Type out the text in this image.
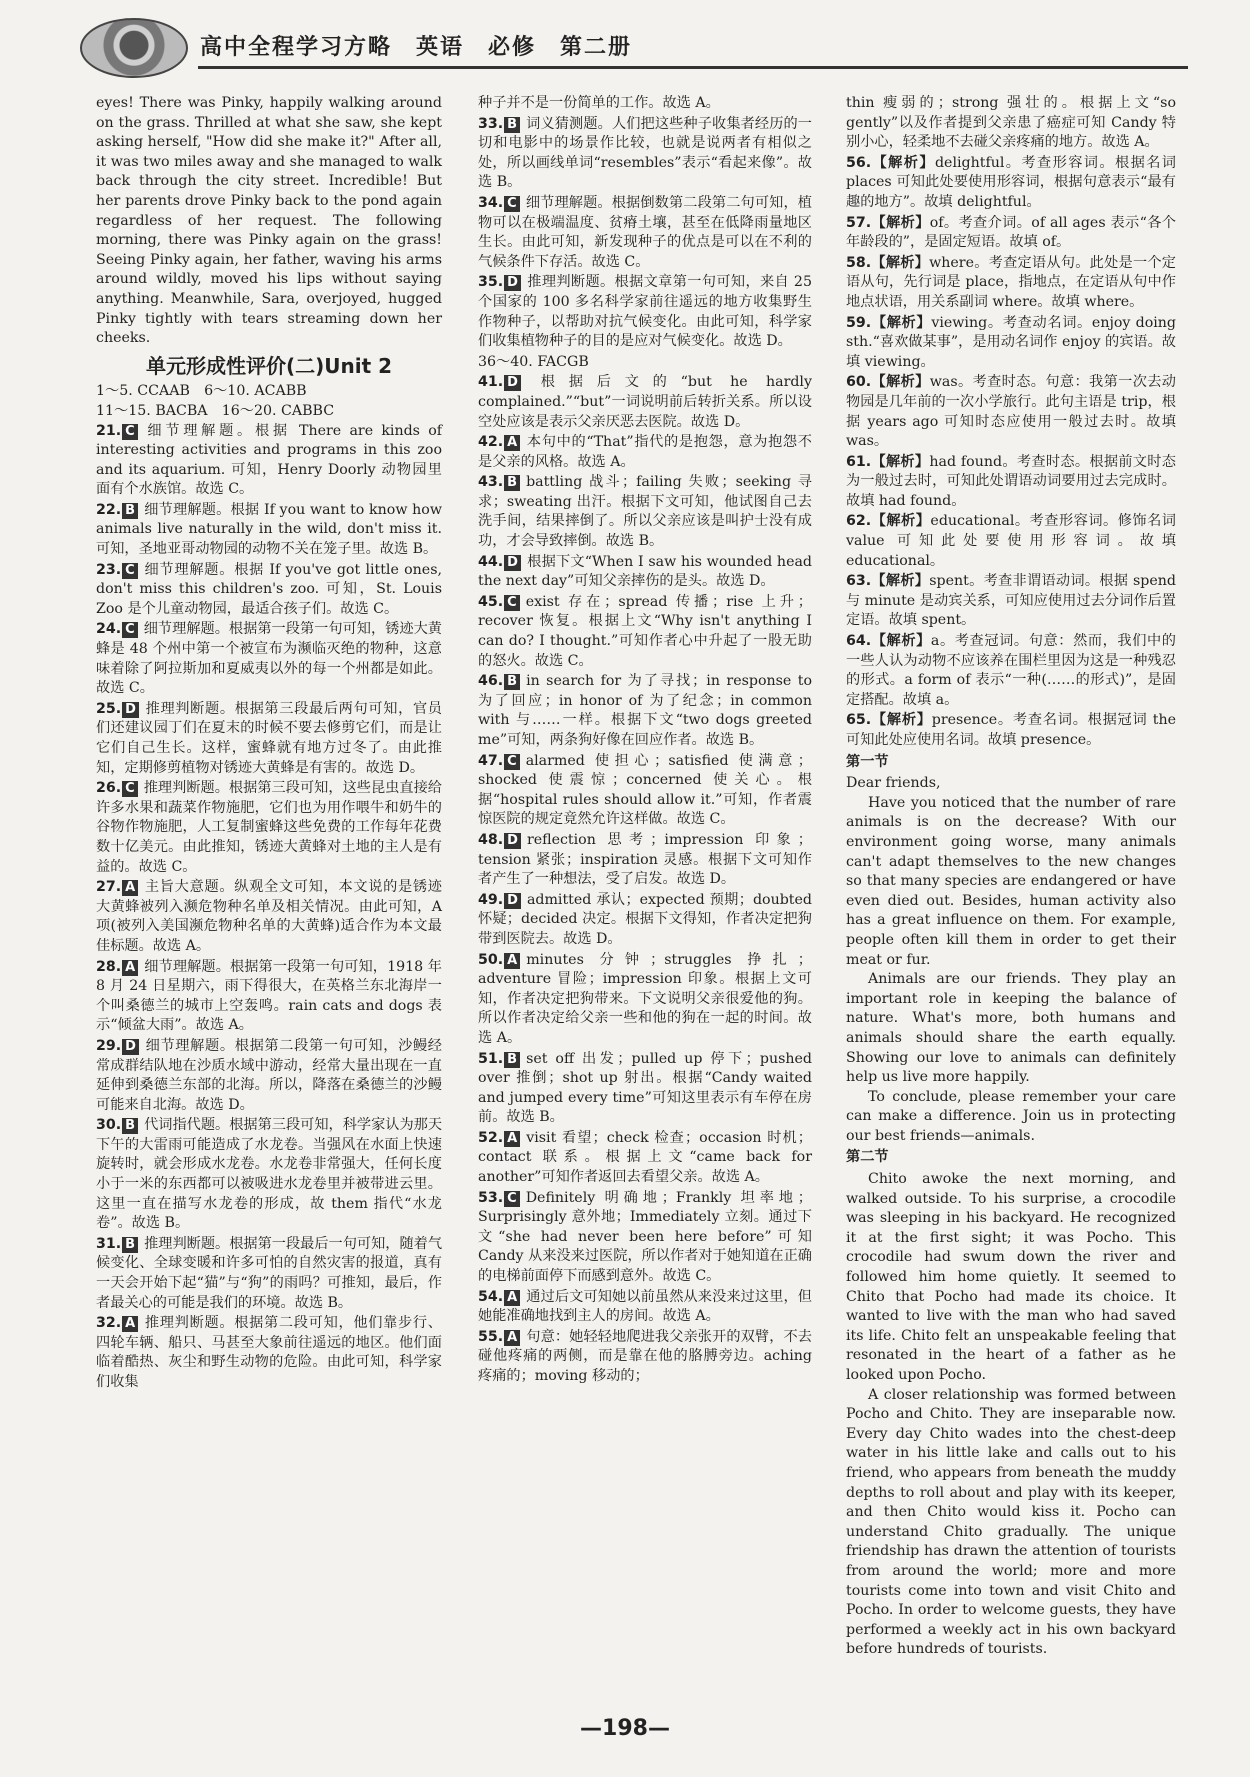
高中全程学习方略　英语　必修　第二册

eyes! There was Pinky, happily walking around on the grass. Thrilled at what she saw, she kept asking herself, "How did she make it?" After all, it was two miles away and she managed to walk back through the city street. Incredible! But her parents drove Pinky back to the pond again regardless of her request. The following morning, there was Pinky again on the grass! Seeing Pinky again, her father, waving his arms around wildly, moved his lips without saying anything. Meanwhile, Sara, overjoyed, hugged Pinky tightly with tears streaming down her cheeks.

单元形成性评价(二)Unit 2

1～5. CCAAB　6～10. ACABB

11～15. BACBA　16～20. CABBC

21. C 细节理解题。根据 There are kinds of interesting activities and programs in this zoo and its aquarium. 可知，Henry Doorly 动物园里面有个水族馆。故选 C。

22. B 细节理解题。根据 If you want to know how animals live naturally in the wild, don't miss it. 可知，圣地亚哥动物园的动物不关在笼子里。故选 B。

23. C 细节理解题。根据 If you've got little ones, don't miss this children's zoo. 可知，St. Louis Zoo 是个儿童动物园，最适合孩子们。故选 C。

24. C 细节理解题。根据第一段第一句可知，锈迹大黄蜂是 48 个州中第一个被宣布为濒临灭绝的物种，这意味着除了阿拉斯加和夏威夷以外的每一个州都是如此。故选 C。

25. D 推理判断题。根据第三段最后两句可知，官员们还建议园丁们在夏末的时候不要去修剪它们，而是让它们自己生长。这样，蜜蜂就有地方过冬了。由此推知，定期修剪植物对锈迹大黄蜂是有害的。故选 D。

26. C 推理判断题。根据第三段可知，这些昆虫直接给许多水果和蔬菜作物施肥，它们也为用作喂牛和奶牛的谷物作物施肥，人工复制蜜蜂这些免费的工作每年花费数十亿美元。由此推知，锈迹大黄蜂对土地的主人是有益的。故选 C。

27. A 主旨大意题。纵观全文可知，本文说的是锈迹大黄蜂被列入濒危物种名单及相关情况。由此可知，A 项(被列入美国濒危物种名单的大黄蜂)适合作为本文最佳标题。故选 A。

28. A 细节理解题。根据第一段第一句可知，1918 年 8 月 24 日星期六，雨下得很大，在英格兰东北海岸一个叫桑德兰的城市上空轰鸣。rain cats and dogs 表示“倾盆大雨”。故选 A。

29. D 细节理解题。根据第二段第一句可知，沙鳗经常成群结队地在沙质水域中游动，经常大量出现在一直延伸到桑德兰东部的北海。所以，降落在桑德兰的沙鳗可能来自北海。故选 D。

30. B 代词指代题。根据第三段可知，科学家认为那天下午的大雷雨可能造成了水龙卷。当强风在水面上快速旋转时，就会形成水龙卷。水龙卷非常强大，任何长度小于一米的东西都可以被吸进水龙卷里并被带进云里。这里一直在描写水龙卷的形成，故 them 指代“水龙卷”。故选 B。

31. B 推理判断题。根据第一段最后一句可知，随着气候变化、全球变暖和许多可怕的自然灾害的报道，真有一天会开始下起“猫”与“狗”的雨吗？可推知，最后，作者最关心的可能是我们的环境。故选 B。

32. A 推理判断题。根据第二段可知，他们靠步行、四轮车辆、船只、马甚至大象前往遥远的地区。他们面临着酷热、灰尘和野生动物的危险。由此可知，科学家们收集

种子并不是一份简单的工作。故选 A。

33. B 词义猜测题。人们把这些种子收集者经历的一切和电影中的场景作比较，也就是说两者有相似之处，所以画线单词“resembles”表示“看起来像”。故选 B。

34. C 细节理解题。根据倒数第二段第二句可知，植物可以在极端温度、贫瘠土壤，甚至在低降雨量地区生长。由此可知，新发现种子的优点是可以在不利的气候条件下存活。故选 C。

35. D 推理判断题。根据文章第一句可知，来自 25 个国家的 100 多名科学家前往遥远的地方收集野生作物种子，以帮助对抗气候变化。由此可知，科学家们收集植物种子的目的是应对气候变化。故选 D。

36～40. FACGB

41. D 根据后文的“but he hardly complained.”“but”一词说明前后转折关系。所以设空处应该是表示父亲厌恶去医院。故选 D。

42. A 本句中的“That”指代的是抱怨，意为抱怨不是父亲的风格。故选 A。

43. B battling 战斗；failing 失败；seeking 寻求；sweating 出汗。根据下文可知，他试图自己去洗手间，结果摔倒了。所以父亲应该是叫护士没有成功，才会导致摔倒。故选 B。

44. D 根据下文“When I saw his wounded head the next day”可知父亲摔伤的是头。故选 D。

45. C exist 存在；spread 传播；rise 上升；recover 恢复。根据上文“Why isn't anything I can do? I thought.”可知作者心中升起了一股无助的怒火。故选 C。

46. B in search for 为了寻找；in response to 为了回应；in honor of 为了纪念；in common with 与……一样。根据下文“two dogs greeted me”可知，两条狗好像在回应作者。故选 B。

47. C alarmed 使担心；satisfied 使满意；shocked 使震惊；concerned 使关心。根据“hospital rules should allow it.”可知，作者震惊医院的规定竟然允许这样做。故选 C。

48. D reflection 思考；impression 印象；tension 紧张；inspiration 灵感。根据下文可知作者产生了一种想法，受了启发。故选 D。

49. D admitted 承认；expected 预期；doubted 怀疑；decided 决定。根据下文得知，作者决定把狗带到医院去。故选 D。

50. A minutes 分钟；struggles 挣扎；adventure 冒险；impression 印象。根据上文可知，作者决定把狗带来。下文说明父亲很爱他的狗。所以作者决定给父亲一些和他的狗在一起的时间。故选 A。

51. B set off 出发；pulled up 停下；pushed over 推倒；shot up 射出。根据“Candy waited and jumped every time”可知这里表示有车停在房前。故选 B。

52. A visit 看望；check 检查；occasion 时机；contact 联系。根据上文“came back for another”可知作者返回去看望父亲。故选 A。

53. C Definitely 明确地；Frankly 坦率地；Surprisingly 意外地；Immediately 立刻。通过下文“she had never been here before”可知 Candy 从来没来过医院，所以作者对于她知道在正确的电梯前面停下而感到意外。故选 C。

54. A 通过后文可知她以前虽然从来没来过这里，但她能准确地找到主人的房间。故选 A。

55. A 句意：她轻轻地爬进我父亲张开的双臂，不去碰他疼痛的两侧，而是靠在他的胳膊旁边。aching 疼痛的；moving 移动的；

thin 瘦弱的；strong 强壮的。根据上文“so gently”以及作者提到父亲患了癌症可知 Candy 特别小心，轻柔地不去碰父亲疼痛的地方。故选 A。

56.【解析】delightful。考查形容词。根据名词 places 可知此处要使用形容词，根据句意表示“最有趣的地方”。故填 delightful。

57.【解析】of。考查介词。of all ages 表示“各个年龄段的”，是固定短语。故填 of。

58.【解析】where。考查定语从句。此处是一个定语从句，先行词是 place，指地点，在定语从句中作地点状语，用关系副词 where。故填 where。

59.【解析】viewing。考查动名词。enjoy doing sth.“喜欢做某事”，是用动名词作 enjoy 的宾语。故填 viewing。

60.【解析】was。考查时态。句意：我第一次去动物园是几年前的一次小学旅行。此句主语是 trip，根据 years ago 可知时态应使用一般过去时。故填 was。

61.【解析】had found。考查时态。根据前文时态为一般过去时，可知此处谓语动词要用过去完成时。故填 had found。

62.【解析】educational。考查形容词。修饰名词 value 可知此处要使用形容词。故填 educational。

63.【解析】spent。考查非谓语动词。根据 spend 与 minute 是动宾关系，可知应使用过去分词作后置定语。故填 spent。

64.【解析】a。考查冠词。句意：然而，我们中的一些人认为动物不应该养在围栏里因为这是一种残忍的形式。a form of 表示“一种(……的形式)”，是固定搭配。故填 a。

65.【解析】presence。考查名词。根据冠词 the 可知此处应使用名词。故填 presence。

第一节

Dear friends,

Have you noticed that the number of rare animals is on the decrease? With our environment going worse, many animals can't adapt themselves to the new changes so that many species are endangered or have even died out. Besides, human activity also has a great influence on them. For example, people often kill them in order to get their meat or fur.

Animals are our friends. They play an important role in keeping the balance of nature. What's more, both humans and animals should share the earth equally. Showing our love to animals can definitely help us live more happily.

To conclude, please remember your care can make a difference. Join us in protecting our best friends—animals.

第二节

Chito awoke the next morning, and walked outside. To his surprise, a crocodile was sleeping in his backyard. He recognized it at the first sight; it was Pocho. This crocodile had swum down the river and followed him home quietly. It seemed to Chito that Pocho had made its choice. It wanted to live with the man who had saved its life. Chito felt an unspeakable feeling that resonated in the heart of a father as he looked upon Pocho.

A closer relationship was formed between Pocho and Chito. They are inseparable now. Every day Chito wades into the chest-deep water in his little lake and calls out to his friend, who appears from beneath the muddy depths to roll about and play with its keeper, and then Chito would kiss it. Pocho can understand Chito gradually. The unique friendship has drawn the attention of tourists from around the world; more and more tourists come into town and visit Chito and Pocho. In order to welcome guests, they have performed a weekly act in his own backyard before hundreds of tourists.

—198—
